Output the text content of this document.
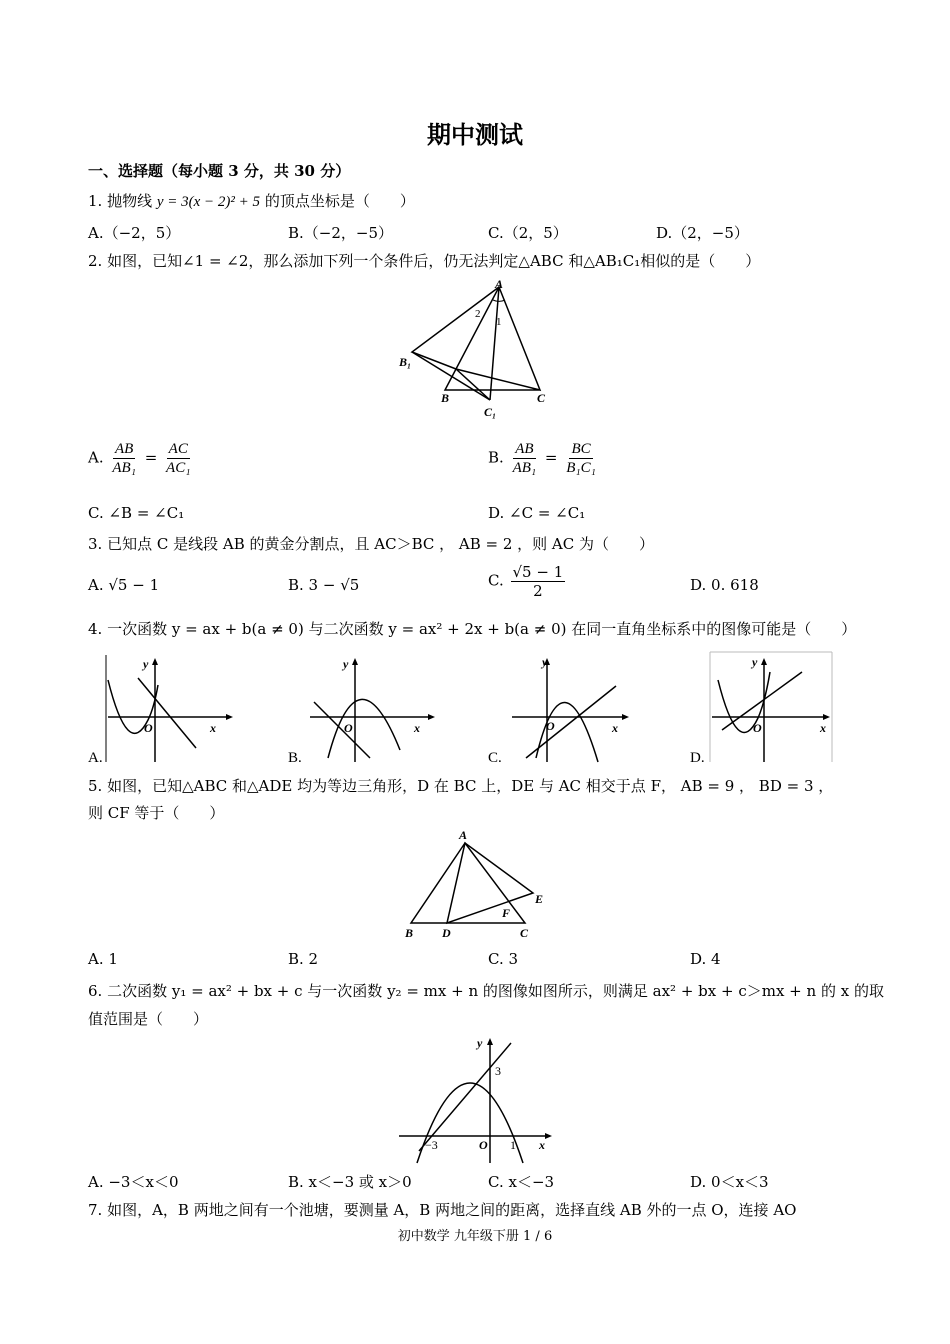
期中测试
一、选择题（每小题 3 分，共 30 分）
1. 抛物线 y = 3(x − 2)² + 5 的顶点坐标是（　　）
A.（−2，5）	B.（−2，−5）	C.（2，5）	D.（2，−5）
2. 如图，已知∠1 = ∠2，那么添加下列一个条件后，仍无法判定△ABC 和△AB₁C₁相似的是（　　）
A
2
1
B₁
B
C₁
C
A. $\frac{AB}{\text{AB₁}} = \frac{AC}{\text{AC₁}}$	B. $\frac{AB}{\text{AB₁}} = \frac{BC}{\text{B₁C₁}}$
C. ∠B = ∠C₁	D. ∠C = ∠C₁
3. 已知点 C 是线段 AB 的黄金分割点，且 AC＞BC ， AB = 2 ，则 AC 为（　　）
A. √5 − 1	B. 3 − √5	C. $\frac{√5 - 1}{2}$	D. 0. 618
4. 一次函数 y = ax + b(a ≠ 0) 与二次函数 y = ax² + 2x + b(a ≠ 0) 在同一直角坐标系中的图像可能是（　　）
y
x
O
A.
y
x
O
B.
y
x
O
C.
y
x
O
D.
5. 如图，已知△ABC 和△ADE 均为等边三角形，D 在 BC 上，DE 与 AC 相交于点 F， AB = 9 ， BD = 3 ，
则 CF 等于（　　）
A
E
F
B D	C
A. 1	B. 2	C. 3	D. 4
6. 二次函数 y₁ = ax² + bx + c 与一次函数 y₂ = mx + n 的图像如图所示，则满足 ax² + bx + c＞mx + n 的 x 的取
值范围是（　　）
y
3
−3	O 1 x
A. −3＜x＜0	B. x＜−3 或 x＞0	C. x＜−3	D. 0＜x＜3
7. 如图，A，B 两地之间有一个池塘，要测量 A，B 两地之间的距离，选择直线 AB 外的一点 O，连接 AO
初中数学 九年级下册 1 / 6
